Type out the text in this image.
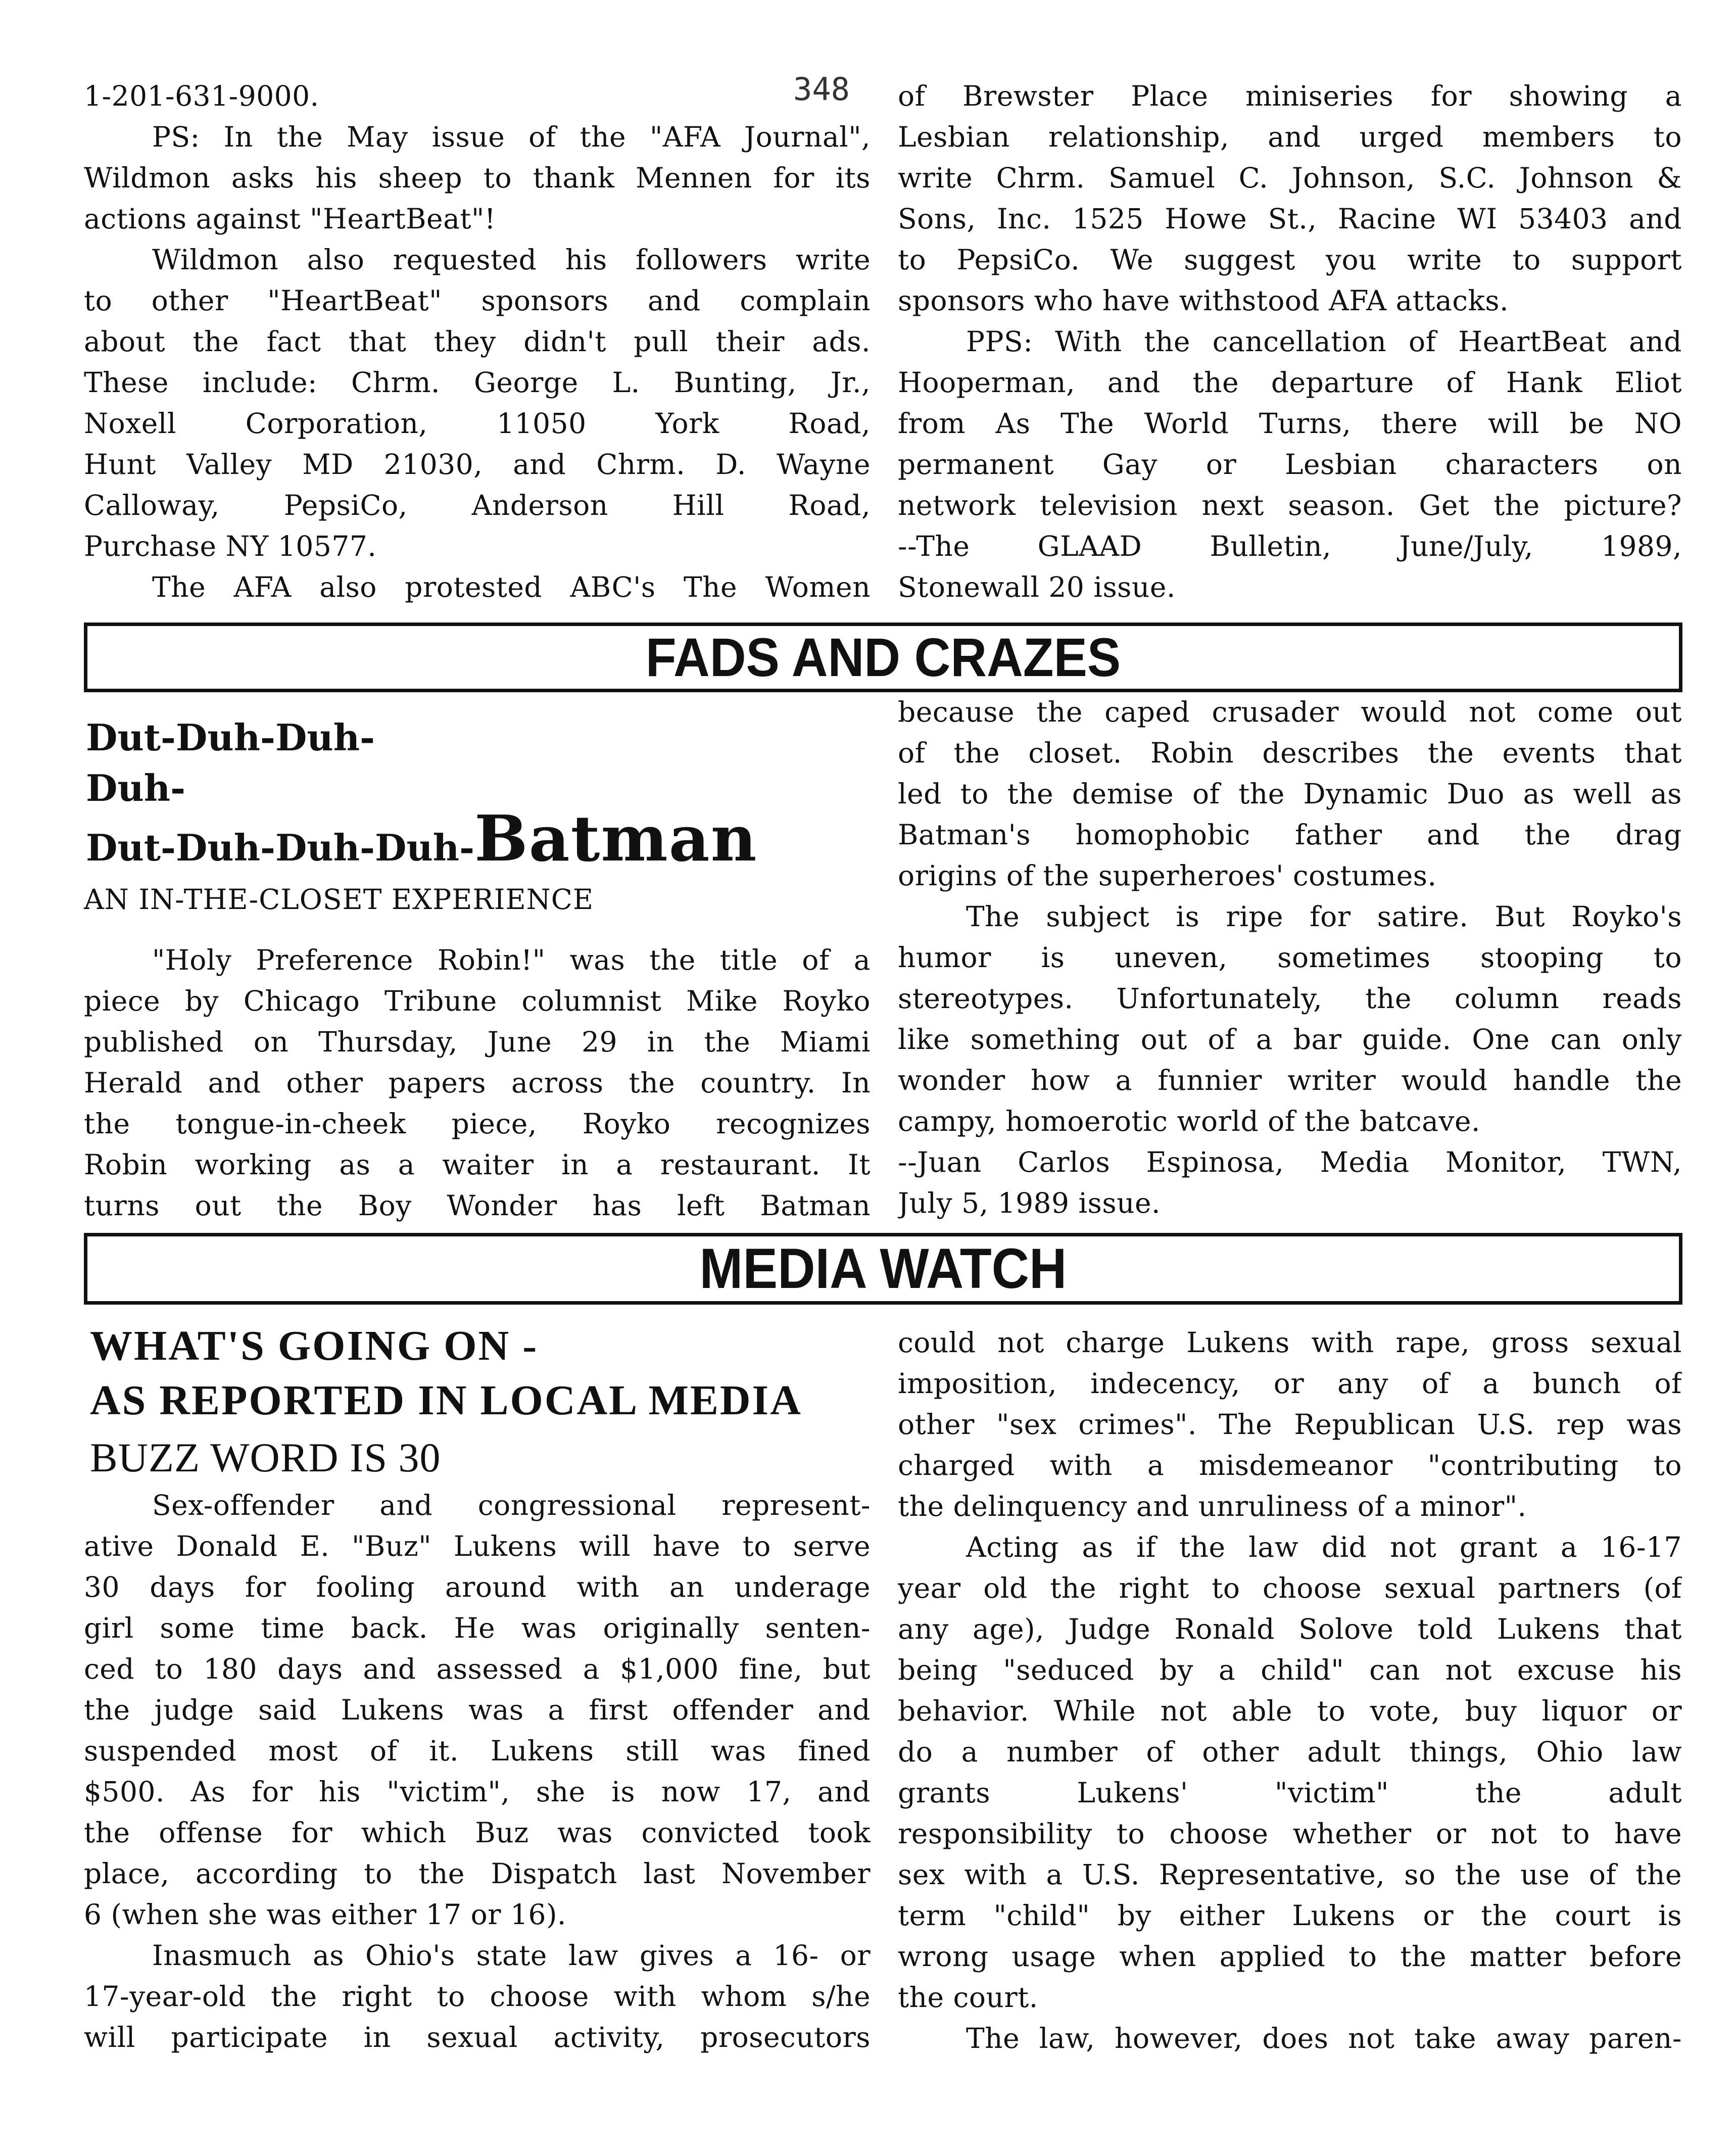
348
1-201-631-9000.
PS: In the May issue of the "AFA Journal",
Wildmon asks his sheep to thank Mennen for its
actions against "HeartBeat"!
Wildmon also requested his followers write
to other "HeartBeat" sponsors and complain
about the fact that they didn't pull their ads.
These include: Chrm. George L. Bunting, Jr.,
Noxell Corporation, 11050 York Road,
Hunt Valley MD 21030, and Chrm. D. Wayne
Calloway, PepsiCo, Anderson Hill Road,
Purchase NY 10577.
The AFA also protested ABC's The Women
of Brewster Place miniseries for showing a
Lesbian relationship, and urged members to
write Chrm. Samuel C. Johnson, S.C. Johnson &
Sons, Inc. 1525 Howe St., Racine WI 53403 and
to PepsiCo. We suggest you write to support
sponsors who have withstood AFA attacks.
PPS: With the cancellation of HeartBeat and
Hooperman, and the departure of Hank Eliot
from As The World Turns, there will be NO
permanent Gay or Lesbian characters on
network television next season. Get the picture?
--The GLAAD Bulletin, June/July, 1989,
Stonewall 20 issue.
FADS AND CRAZES
Dut-Duh-Duh-
Duh-
Dut-Duh-Duh-Duh-Batman
AN IN-THE-CLOSET EXPERIENCE
"Holy Preference Robin!" was the title of a
piece by Chicago Tribune columnist Mike Royko
published on Thursday, June 29 in the Miami
Herald and other papers across the country. In
the tongue-in-cheek piece, Royko recognizes
Robin working as a waiter in a restaurant. It
turns out the Boy Wonder has left Batman
because the caped crusader would not come out
of the closet. Robin describes the events that
led to the demise of the Dynamic Duo as well as
Batman's homophobic father and the drag
origins of the superheroes' costumes.
The subject is ripe for satire. But Royko's
humor is uneven, sometimes stooping to
stereotypes. Unfortunately, the column reads
like something out of a bar guide. One can only
wonder how a funnier writer would handle the
campy, homoerotic world of the batcave.
--Juan Carlos Espinosa, Media Monitor, TWN,
July 5, 1989 issue.
MEDIA WATCH
WHAT'S GOING ON -
AS REPORTED IN LOCAL MEDIA
BUZZ WORD IS 30
Sex-offender and congressional represent-
ative Donald E. "Buz" Lukens will have to serve
30 days for fooling around with an underage
girl some time back. He was originally senten-
ced to 180 days and assessed a $1,000 fine, but
the judge said Lukens was a first offender and
suspended most of it. Lukens still was fined
$500. As for his "victim", she is now 17, and
the offense for which Buz was convicted took
place, according to the Dispatch last November
6 (when she was either 17 or 16).
Inasmuch as Ohio's state law gives a 16- or
17-year-old the right to choose with whom s/he
will participate in sexual activity, prosecutors
could not charge Lukens with rape, gross sexual
imposition, indecency, or any of a bunch of
other "sex crimes". The Republican U.S. rep was
charged with a misdemeanor "contributing to
the delinquency and unruliness of a minor".
Acting as if the law did not grant a 16-17
year old the right to choose sexual partners (of
any age), Judge Ronald Solove told Lukens that
being "seduced by a child" can not excuse his
behavior. While not able to vote, buy liquor or
do a number of other adult things, Ohio law
grants Lukens' "victim" the adult
responsibility to choose whether or not to have
sex with a U.S. Representative, so the use of the
term "child" by either Lukens or the court is
wrong usage when applied to the matter before
the court.
The law, however, does not take away paren-
